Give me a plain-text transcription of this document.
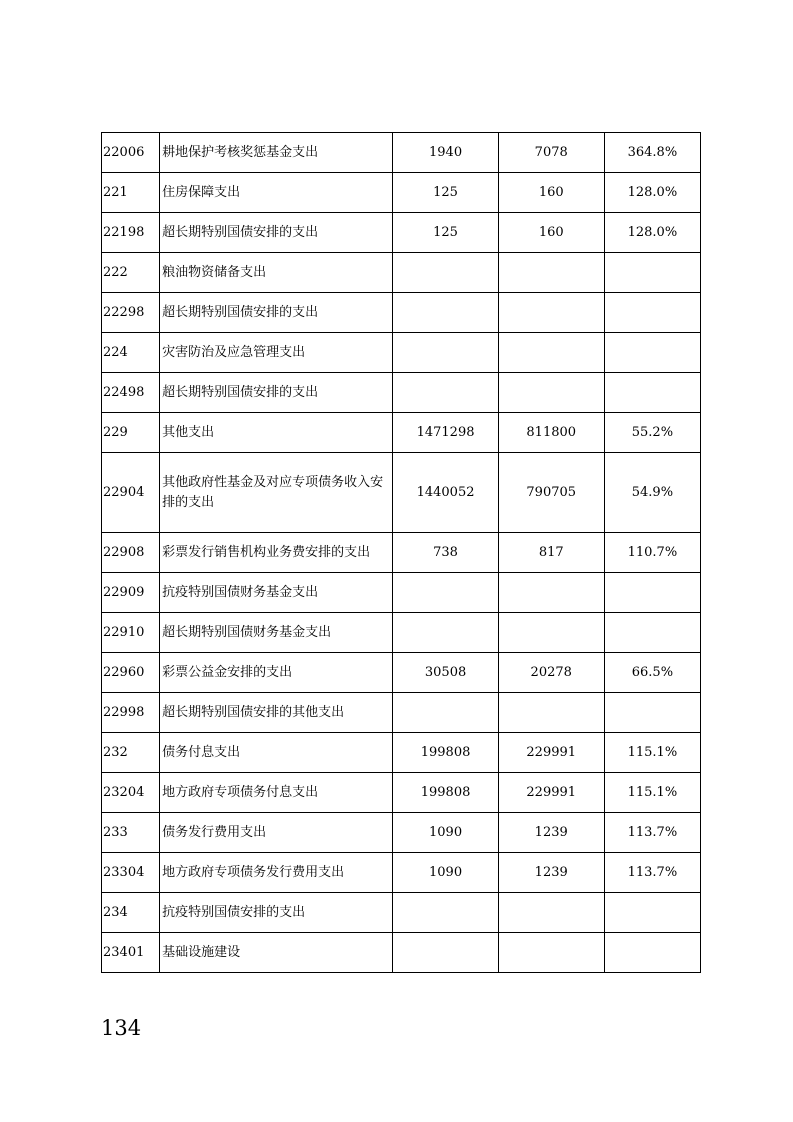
22006	耕地保护考核奖惩基金支出	1940	7078	364.8%
221	住房保障支出	125	160	128.0%
22198	超长期特别国债安排的支出	125	160	128.0%
222	粮油物资储备支出			
22298	超长期特别国债安排的支出			
224	灾害防治及应急管理支出			
22498	超长期特别国债安排的支出			
229	其他支出	1471298	811800	55.2%
22904	其他政府性基金及对应专项债务收入安排的支出	1440052	790705	54.9%
22908	彩票发行销售机构业务费安排的支出	738	817	110.7%
22909	抗疫特别国债财务基金支出			
22910	超长期特别国债财务基金支出			
22960	彩票公益金安排的支出	30508	20278	66.5%
22998	超长期特别国债安排的其他支出			
232	债务付息支出	199808	229991	115.1%
23204	地方政府专项债务付息支出	199808	229991	115.1%
233	债务发行费用支出	1090	1239	113.7%
23304	地方政府专项债务发行费用支出	1090	1239	113.7%
234	抗疫特别国债安排的支出			
23401	基础设施建设			
134
